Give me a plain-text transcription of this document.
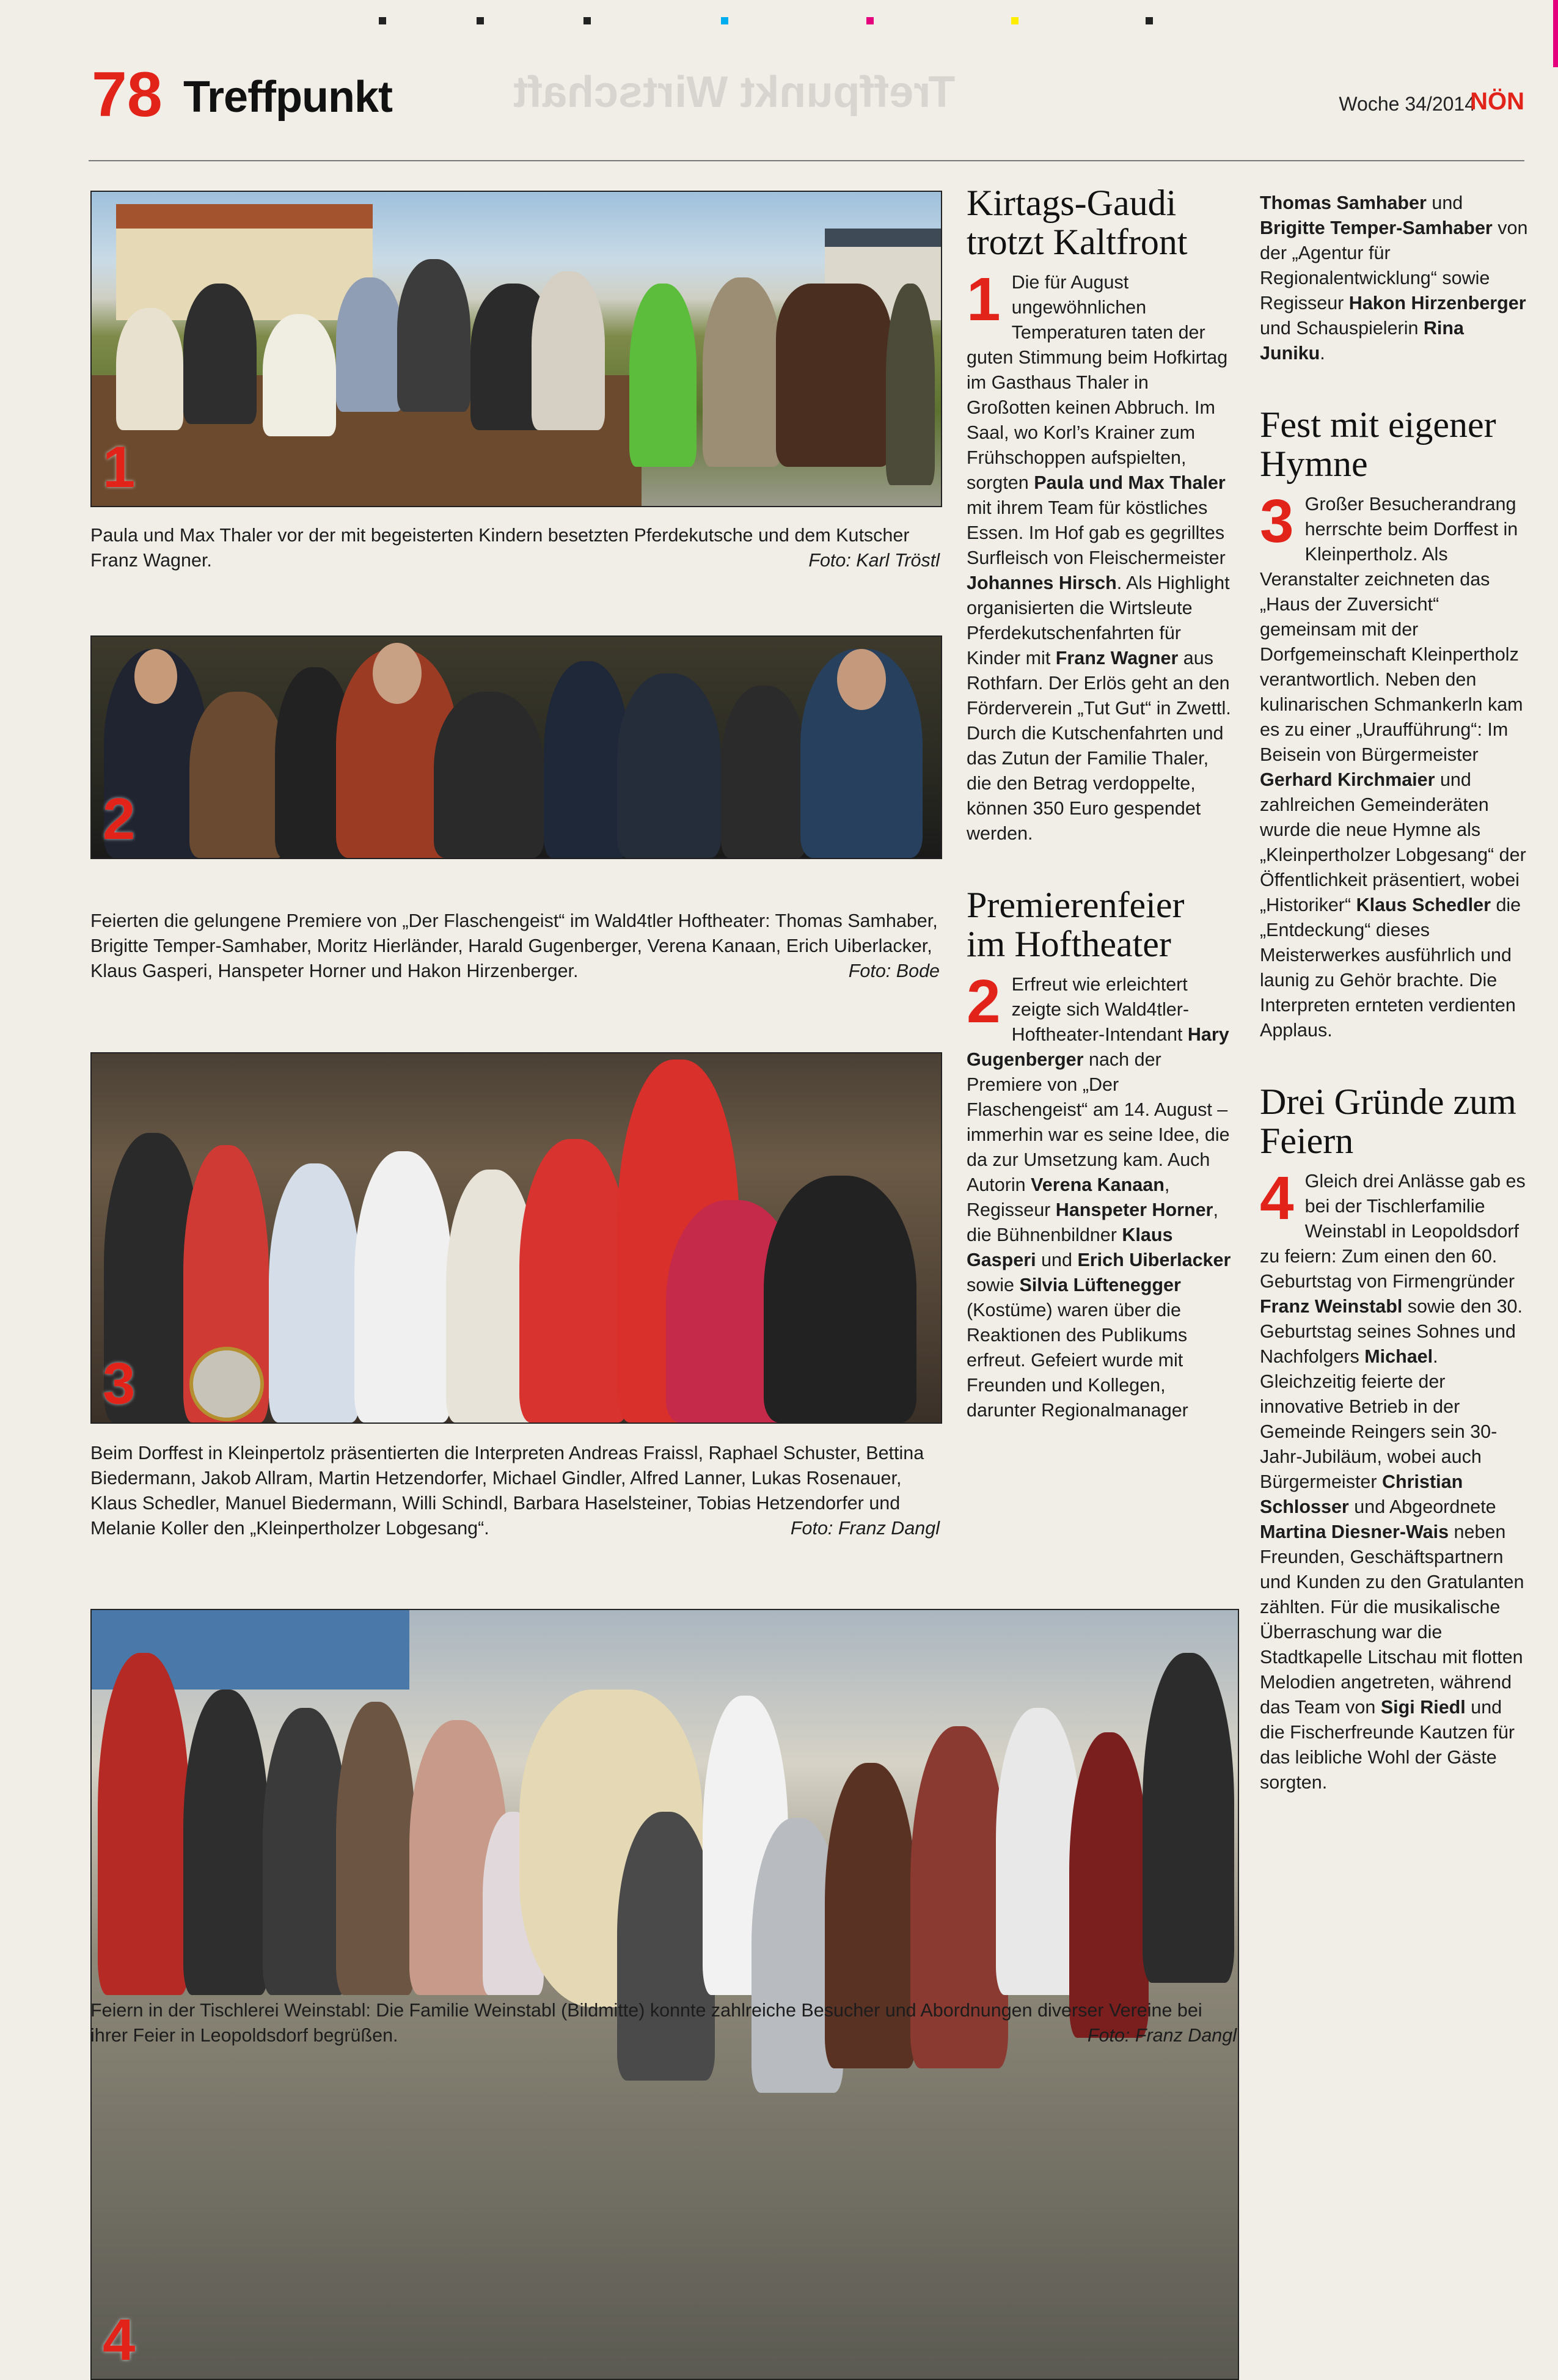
78 Treffpunkt	Treffpunkt Wirtschaft	Woche 34/2014
NÖN
1
Paula und Max Thaler vor der mit begeisterten Kindern besetzten Pferdekutsche und dem Kutscher Franz Wagner.	Foto: Karl Tröstl
2
Feierten die gelungene Premiere von „Der Flaschengeist“ im Wald4tler Hoftheater: Thomas Samhaber, Brigitte Temper-Samhaber, Moritz Hierländer, Harald Gugenberger, Verena Kanaan, Erich Uiberlacker, Klaus Gasperi, Hanspeter Horner und Hakon Hirzenberger.	Foto: Bode
3
Beim Dorffest in Kleinpertolz präsentierten die Interpreten Andreas Fraissl, Raphael Schuster, Bettina Biedermann, Jakob Allram, Martin Hetzendorfer, Michael Gindler, Alfred Lanner, Lukas Rosenauer, Klaus Schedler, Manuel Biedermann, Willi Schindl, Barbara Haselsteiner, Tobias Hetzendorfer und Melanie Koller den „Kleinpertholzer Lobgesang“.	Foto: Franz Dangl
4
Feiern in der Tischlerei Weinstabl: Die Familie Weinstabl (Bildmitte) konnte zahlreiche Besucher und Abordnungen diverser Vereine bei ihrer Feier in Leopoldsdorf begrüßen.	Foto: Franz Dangl
Kirtags-Gaudi trotzt Kaltfront

1 Die für August ungewöhnlichen Temperaturen taten der guten Stimmung beim Hofkirtag im Gasthaus Thaler in Großotten keinen Abbruch. Im Saal, wo Korl’s Krainer zum Frühschoppen aufspielten, sorgten Paula und Max Thaler mit ihrem Team für köstliches Essen. Im Hof gab es gegrilltes Surfleisch von Fleischermeister Johannes Hirsch. Als Highlight organisierten die Wirtsleute Pferdekutschenfahrten für Kinder mit Franz Wagner aus Rothfarn. Der Erlös geht an den Förderverein „Tut Gut“ in Zwettl. Durch die Kutschenfahrten und das Zutun der Familie Thaler, die den Betrag verdoppelte, können 350 Euro gespendet werden.

Premierenfeier im Hoftheater

2 Erfreut wie erleichtert zeigte sich Wald4tler-Hoftheater-Intendant Hary Gugenberger nach der Premiere von „Der Flaschengeist“ am 14. August – immerhin war es seine Idee, die da zur Umsetzung kam. Auch Autorin Verena Kanaan, Regisseur Hanspeter Horner, die Bühnenbildner Klaus Gasperi und Erich Uiberlacker sowie Silvia Lüftenegger (Kostüme) waren über die Reaktionen des Publikums erfreut. Gefeiert wurde mit Freunden und Kollegen, darunter Regionalmanager

Thomas Samhaber und Brigitte Temper-Samhaber von der „Agentur für Regionalentwicklung“ sowie Regisseur Hakon Hirzenberger und Schauspielerin Rina Juniku.

Fest mit eigener Hymne

3 Großer Besucherandrang herrschte beim Dorffest in Kleinpertholz. Als Veranstalter zeichneten das „Haus der Zuversicht“ gemeinsam mit der Dorfgemeinschaft Kleinpertholz verantwortlich. Neben den kulinarischen Schmankerln kam es zu einer „Uraufführung“: Im Beisein von Bürgermeister Gerhard Kirchmaier und zahlreichen Gemeinderäten wurde die neue Hymne als „Kleinpertholzer Lobgesang“ der Öffentlichkeit präsentiert, wobei „Historiker“ Klaus Schedler die „Entdeckung“ dieses Meisterwerkes ausführlich und launig zu Gehör brachte. Die Interpreten ernteten verdienten Applaus.

Drei Gründe zum Feiern

4 Gleich drei Anlässe gab es bei der Tischlerfamilie Weinstabl in Leopoldsdorf zu feiern: Zum einen den 60. Geburtstag von Firmengründer Franz Weinstabl sowie den 30. Geburtstag seines Sohnes und Nachfolgers Michael. Gleichzeitig feierte der innovative Betrieb in der Gemeinde Reingers sein 30-Jahr-Jubiläum, wobei auch Bürgermeister Christian Schlosser und Abgeordnete Martina Diesner-Wais neben Freunden, Geschäftspartnern und Kunden zu den Gratulanten zählten. Für die musikalische Überraschung war die Stadtkapelle Litschau mit flotten Melodien angetreten, während das Team von Sigi Riedl und die Fischerfreunde Kautzen für das leibliche Wohl der Gäste sorgten.
